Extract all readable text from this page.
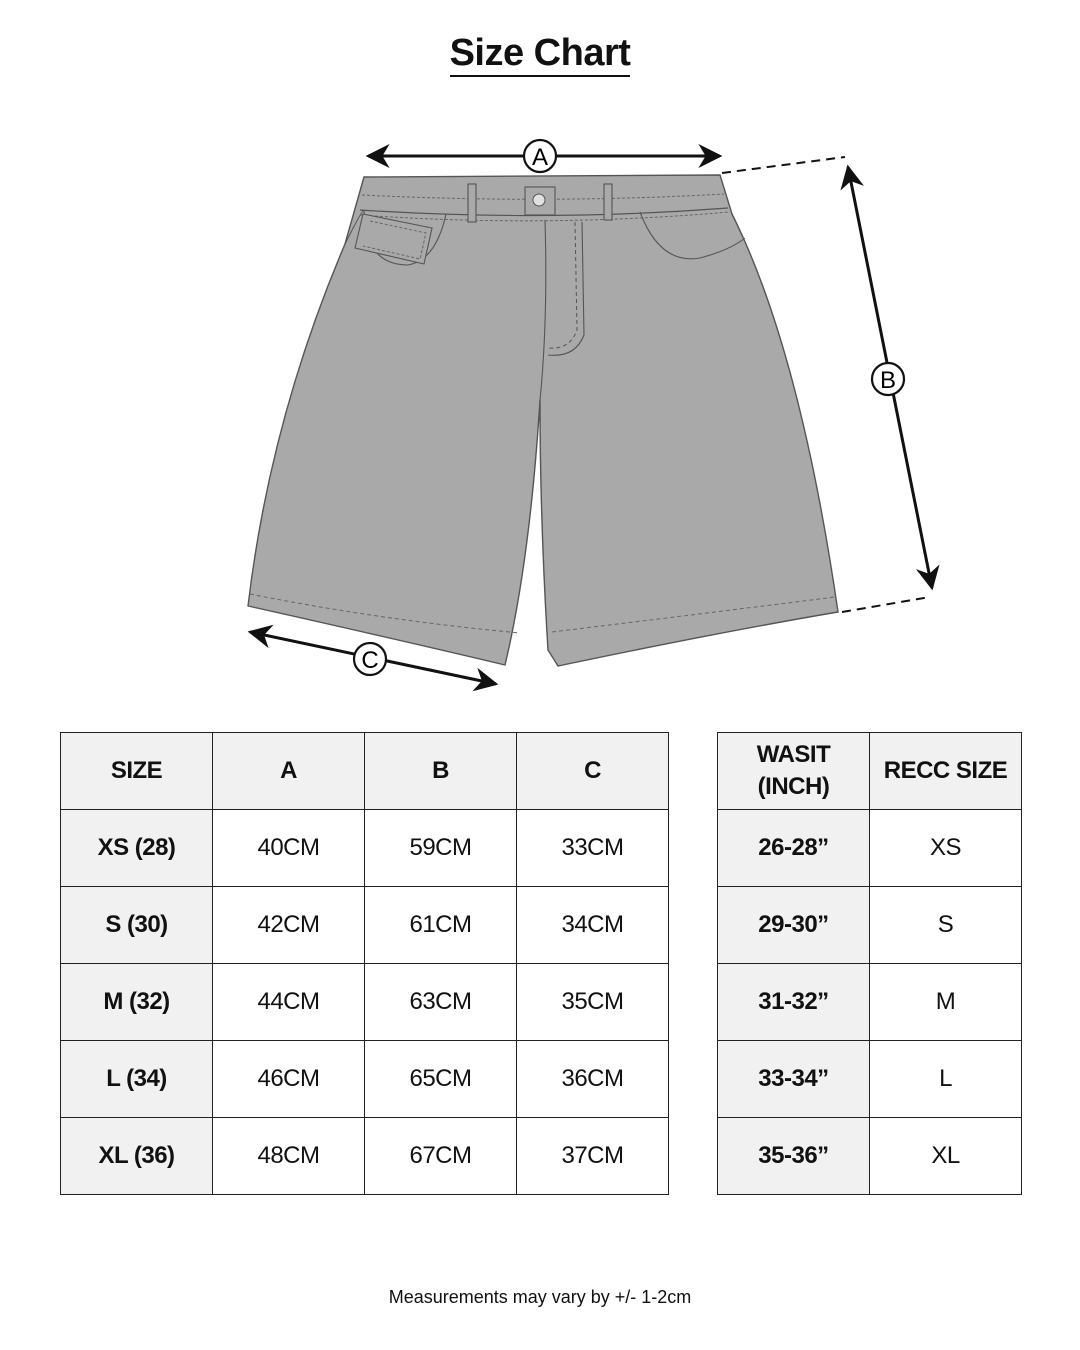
Size Chart
A
B
C
SIZE	A	B	C
XS (28)	40CM	59CM	33CM
S (30)	42CM	61CM	34CM
M (32)	44CM	63CM	35CM
L (34)	46CM	65CM	36CM
XL (36)	48CM	67CM	37CM
WASIT (INCH)	RECC SIZE
26-28”	XS
29-30”	S
31-32”	M
33-34”	L
35-36”	XL
Measurements may vary by +/- 1-2cm
